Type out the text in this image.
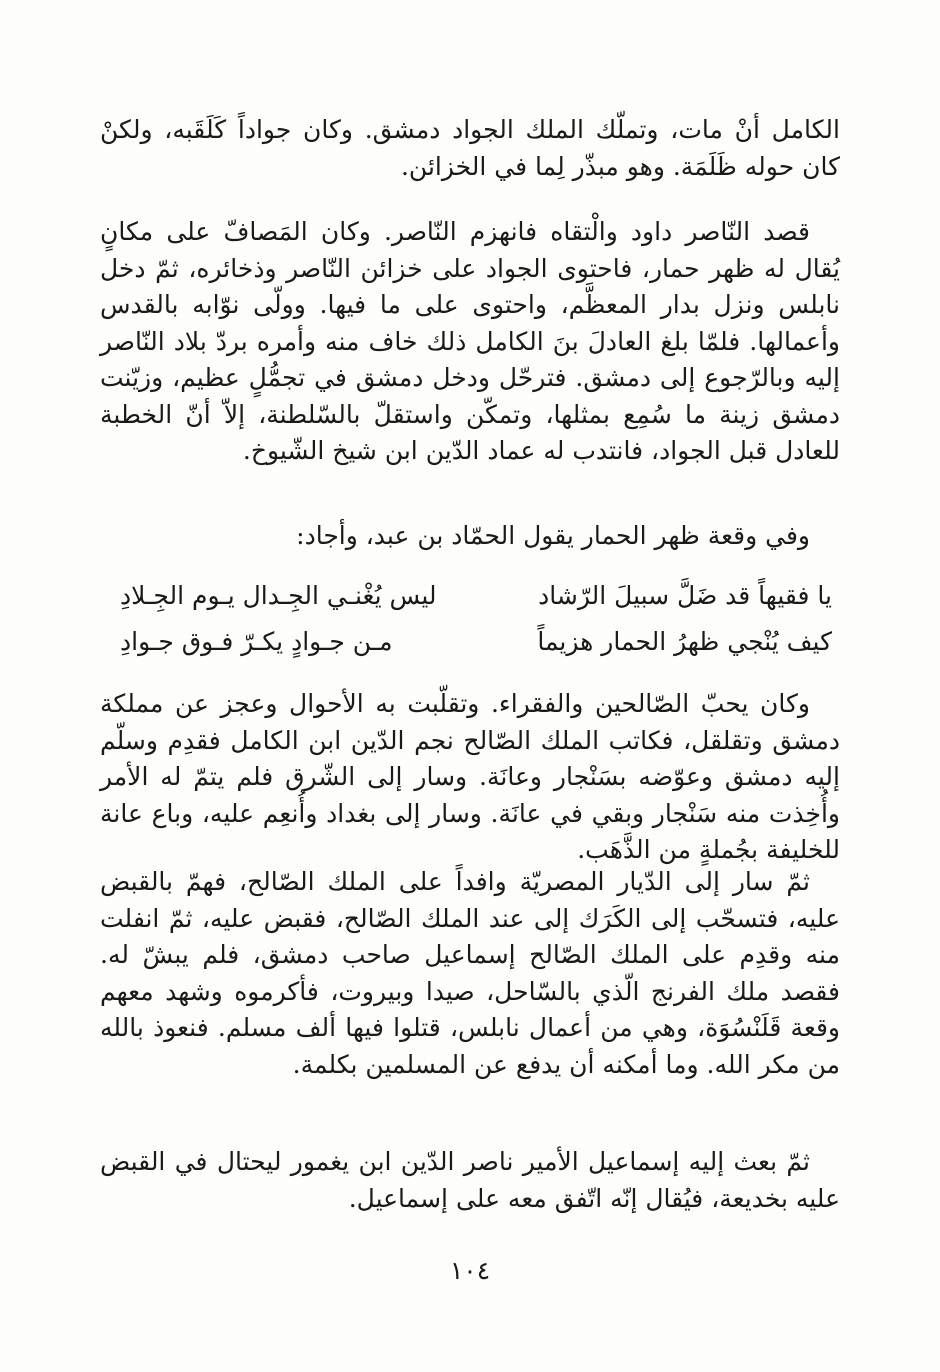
الكامل أنْ مات، وتملّك الملك الجواد دمشق. وكان جواداً كَلَقَبه، ولكنْ كان حوله ظَلَمَة. وهو مبذّر لِما في الخزائن.

قصد النّاصر داود والْتقاه فانهزم النّاصر. وكان المَصافّ على مكانٍ يُقال له ظهر حمار، فاحتوى الجواد على خزائن النّاصر وذخائره، ثمّ دخل نابلس ونزل بدار المعظَّم، واحتوى على ما فيها. وولّى نوّابه بالقدس وأعمالها. فلمّا بلغ العادلَ بنَ الكامل ذلك خاف منه وأمره بردّ بلاد النّاصر إليه وبالرّجوع إلى دمشق. فترحّل ودخل دمشق في تجمُّلٍ عظيم، وزيّنت دمشق زينة ما سُمِع بمثلها، وتمكّن واستقلّ بالسّلطنة، إلاّ أنّ الخطبة للعادل قبل الجواد، فانتدب له عماد الدّين ابن شيخ الشّيوخ.

وفي وقعة ظهر الحمار يقول الحمّاد بن عبد، وأجاد:

يا فقيهاً قد ضَلَّ سبيلَ الرّشاد
ليس يُغْنـي الجِـدال يـوم الجِـلادِ
كيف يُنْجي ظهرُ الحمار هزيماً
مـن جـوادٍ يكـرّ فـوق جـوادِ

وكان يحبّ الصّالحين والفقراء. وتقلّبت به الأحوال وعجز عن مملكة دمشق وتقلقل، فكاتب الملك الصّالح نجم الدّين ابن الكامل فقدِم وسلّم إليه دمشق وعوّضه بسَنْجار وعانَة. وسار إلى الشّرق فلم يتمّ له الأمر وأُخِذت منه سَنْجار وبقي في عانَة. وسار إلى بغداد وأُنعِم عليه، وباع عانة للخليفة بجُملةٍ من الذَّهَب.

ثمّ سار إلى الدّيار المصريّة وافداً على الملك الصّالح، فهمّ بالقبض عليه، فتسحّب إلى الكَرَك إلى عند الملك الصّالح، فقبض عليه، ثمّ انفلت منه وقدِم على الملك الصّالح إسماعيل صاحب دمشق، فلم يبشّ له. فقصد ملك الفرنج الّذي بالسّاحل، صيدا وبيروت، فأكرموه وشهد معهم وقعة قَلَنْسُوَة، وهي من أعمال نابلس، قتلوا فيها ألف مسلم. فنعوذ بالله من مكر الله. وما أمكنه أن يدفع عن المسلمين بكلمة.

ثمّ بعث إليه إسماعيل الأمير ناصر الدّين ابن يغمور ليحتال في القبض عليه بخديعة، فيُقال إنّه اتّفق معه على إسماعيل.

١٠٤
